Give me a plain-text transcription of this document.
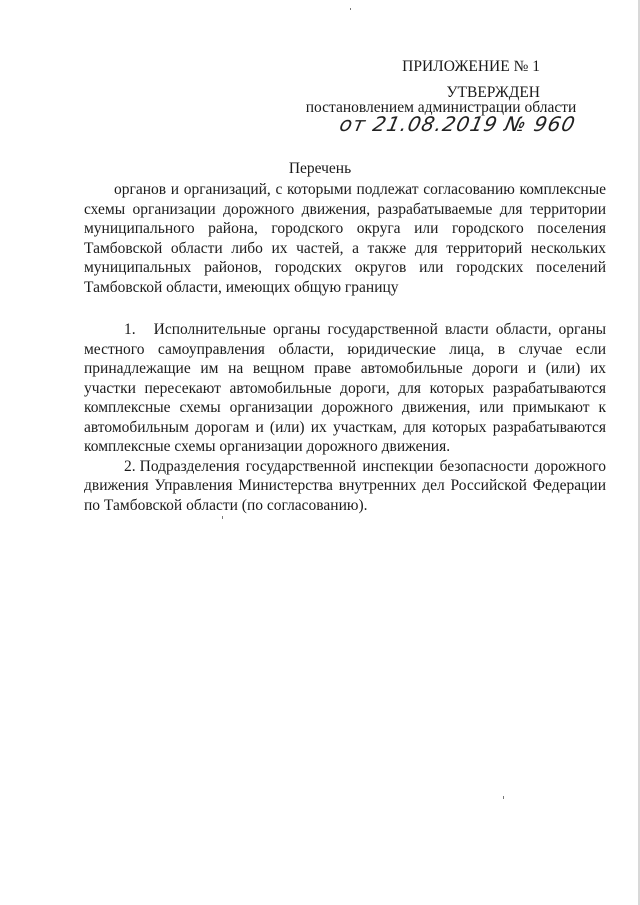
ПРИЛОЖЕНИЕ № 1
УТВЕРЖДЕН
постановлением администрации области
от 21.08.2019 № 960
Перечень
органов и организаций, с которыми подлежат согласованию комплексные схемы организации дорожного движения, разрабатываемые для территории муниципального района, городского округа или городского поселения Тамбовской области либо их частей, а также для территорий нескольких муниципальных районов, городских округов или городских поселений Тамбовской области, имеющих общую границу

1. Исполнительные органы государственной власти области, органы местного самоуправления области, юридические лица, в случае если принадлежащие им на вещном праве автомобильные дороги и (или) их участки пересекают автомобильные дороги, для которых разрабатываются комплексные схемы организации дорожного движения, или примыкают к автомобильным дорогам и (или) их участкам, для которых разрабатываются комплексные схемы организации дорожного движения.

2. Подразделения государственной инспекции безопасности дорожного движения Управления Министерства внутренних дел Российской Федерации по Тамбовской области (по согласованию).
